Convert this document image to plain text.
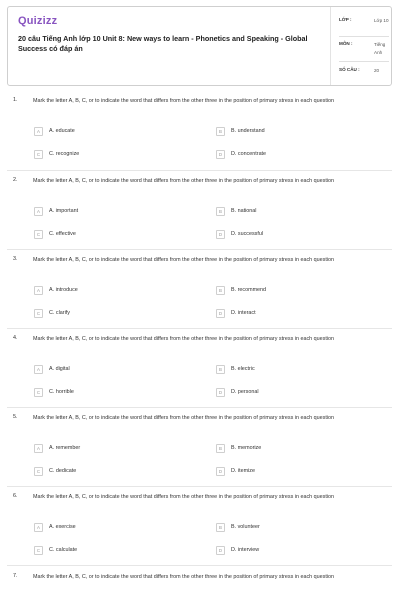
Quizizz
20 câu Tiếng Anh lớp 10 Unit 8: New ways to learn - Phonetics and Speaking - Global Success có đáp án
LỚP :	Lớp 10
MÔN :	Tiếng Anh
SỐ CÂU :	20
1.	Mark the letter A, B, C, or to indicate the word that differs from the other three in the position of primary stress in each question
A	A. educate	B	B. understand
C	C. recognize	D	D. concentrate
2.	Mark the letter A, B, C, or to indicate the word that differs from the other three in the position of primary stress in each question
A	A. important	B	B. national
C	C. effective	D	D. successful
3.	Mark the letter A, B, C, or to indicate the word that differs from the other three in the position of primary stress in each question
A	A. introduce	B	B. recommend
C	C. clarify	D	D. interact
4.	Mark the letter A, B, C, or to indicate the word that differs from the other three in the position of primary stress in each question
A	A. digital	B	B. electric
C	C. horrible	D	D. personal
5.	Mark the letter A, B, C, or to indicate the word that differs from the other three in the position of primary stress in each question
A	A. remember	B	B. memorize
C	C. dedicate	D	D. itemize
6.	Mark the letter A, B, C, or to indicate the word that differs from the other three in the position of primary stress in each question
A	A. exercise	B	B. volunteer
C	C. calculate	D	D. interview
7.	Mark the letter A, B, C, or to indicate the word that differs from the other three in the position of primary stress in each question
